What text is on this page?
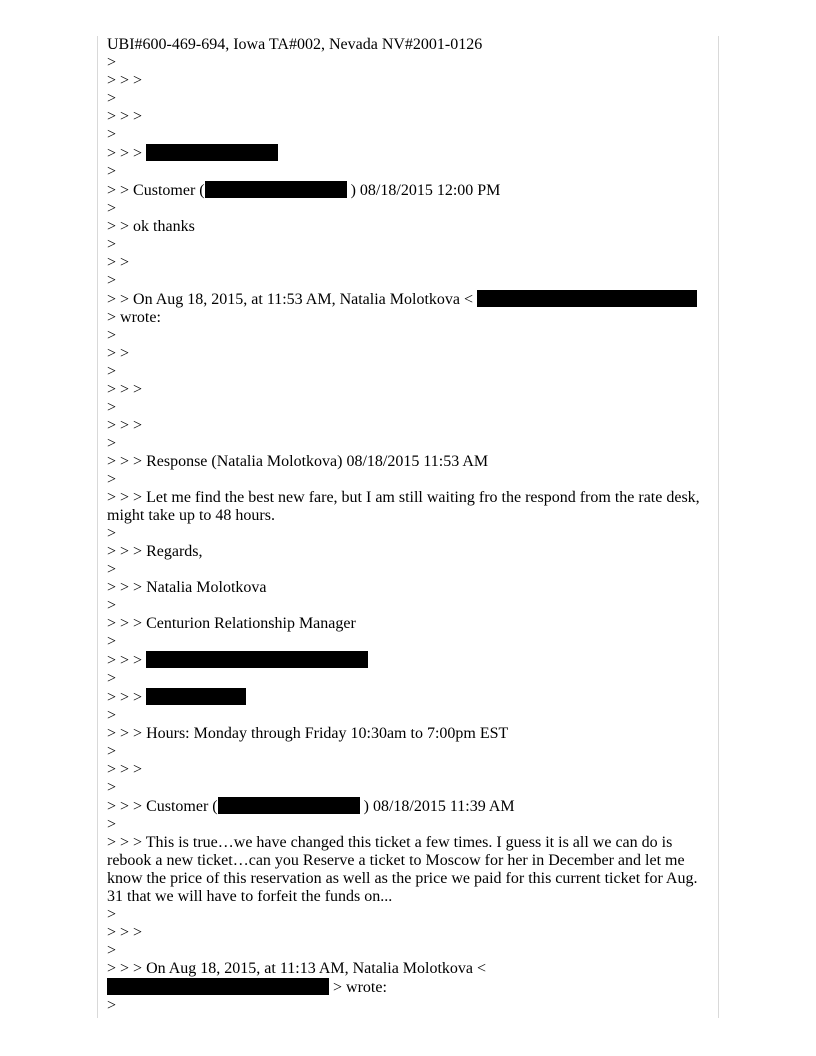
UBI#600-469-694, Iowa TA#002, Nevada NV#2001-0126
>
> > >
>
> > >
>
> > >
>
> > Customer (	) 08/18/2015 12:00 PM
>
> > ok thanks
>
> >
>
> > On Aug 18, 2015, at 11:53 AM, Natalia Molotkova <
> wrote:
>
> >
>
> > >
>
> > >
>
> > > Response (Natalia Molotkova) 08/18/2015 11:53 AM
>
> > > Let me find the best new fare, but I am still waiting fro the respond from the rate desk, might take up to 48 hours.
>
> > > Regards,
>
> > > Natalia Molotkova
>
> > > Centurion Relationship Manager
>
> > >
>
> > >
>
> > > Hours: Monday through Friday 10:30am to 7:00pm EST
>
> > >
>
> > > Customer (	) 08/18/2015 11:39 AM
>
> > > This is true…we have changed this ticket a few times. I guess it is all we can do is rebook a new ticket…can you Reserve a ticket to Moscow for her in December and let me know the price of this reservation as well as the price we paid for this current ticket for Aug. 31 that we will have to forfeit the funds on...
>
> > >
>
> > > On Aug 18, 2015, at 11:13 AM, Natalia Molotkova <
> wrote:
>
